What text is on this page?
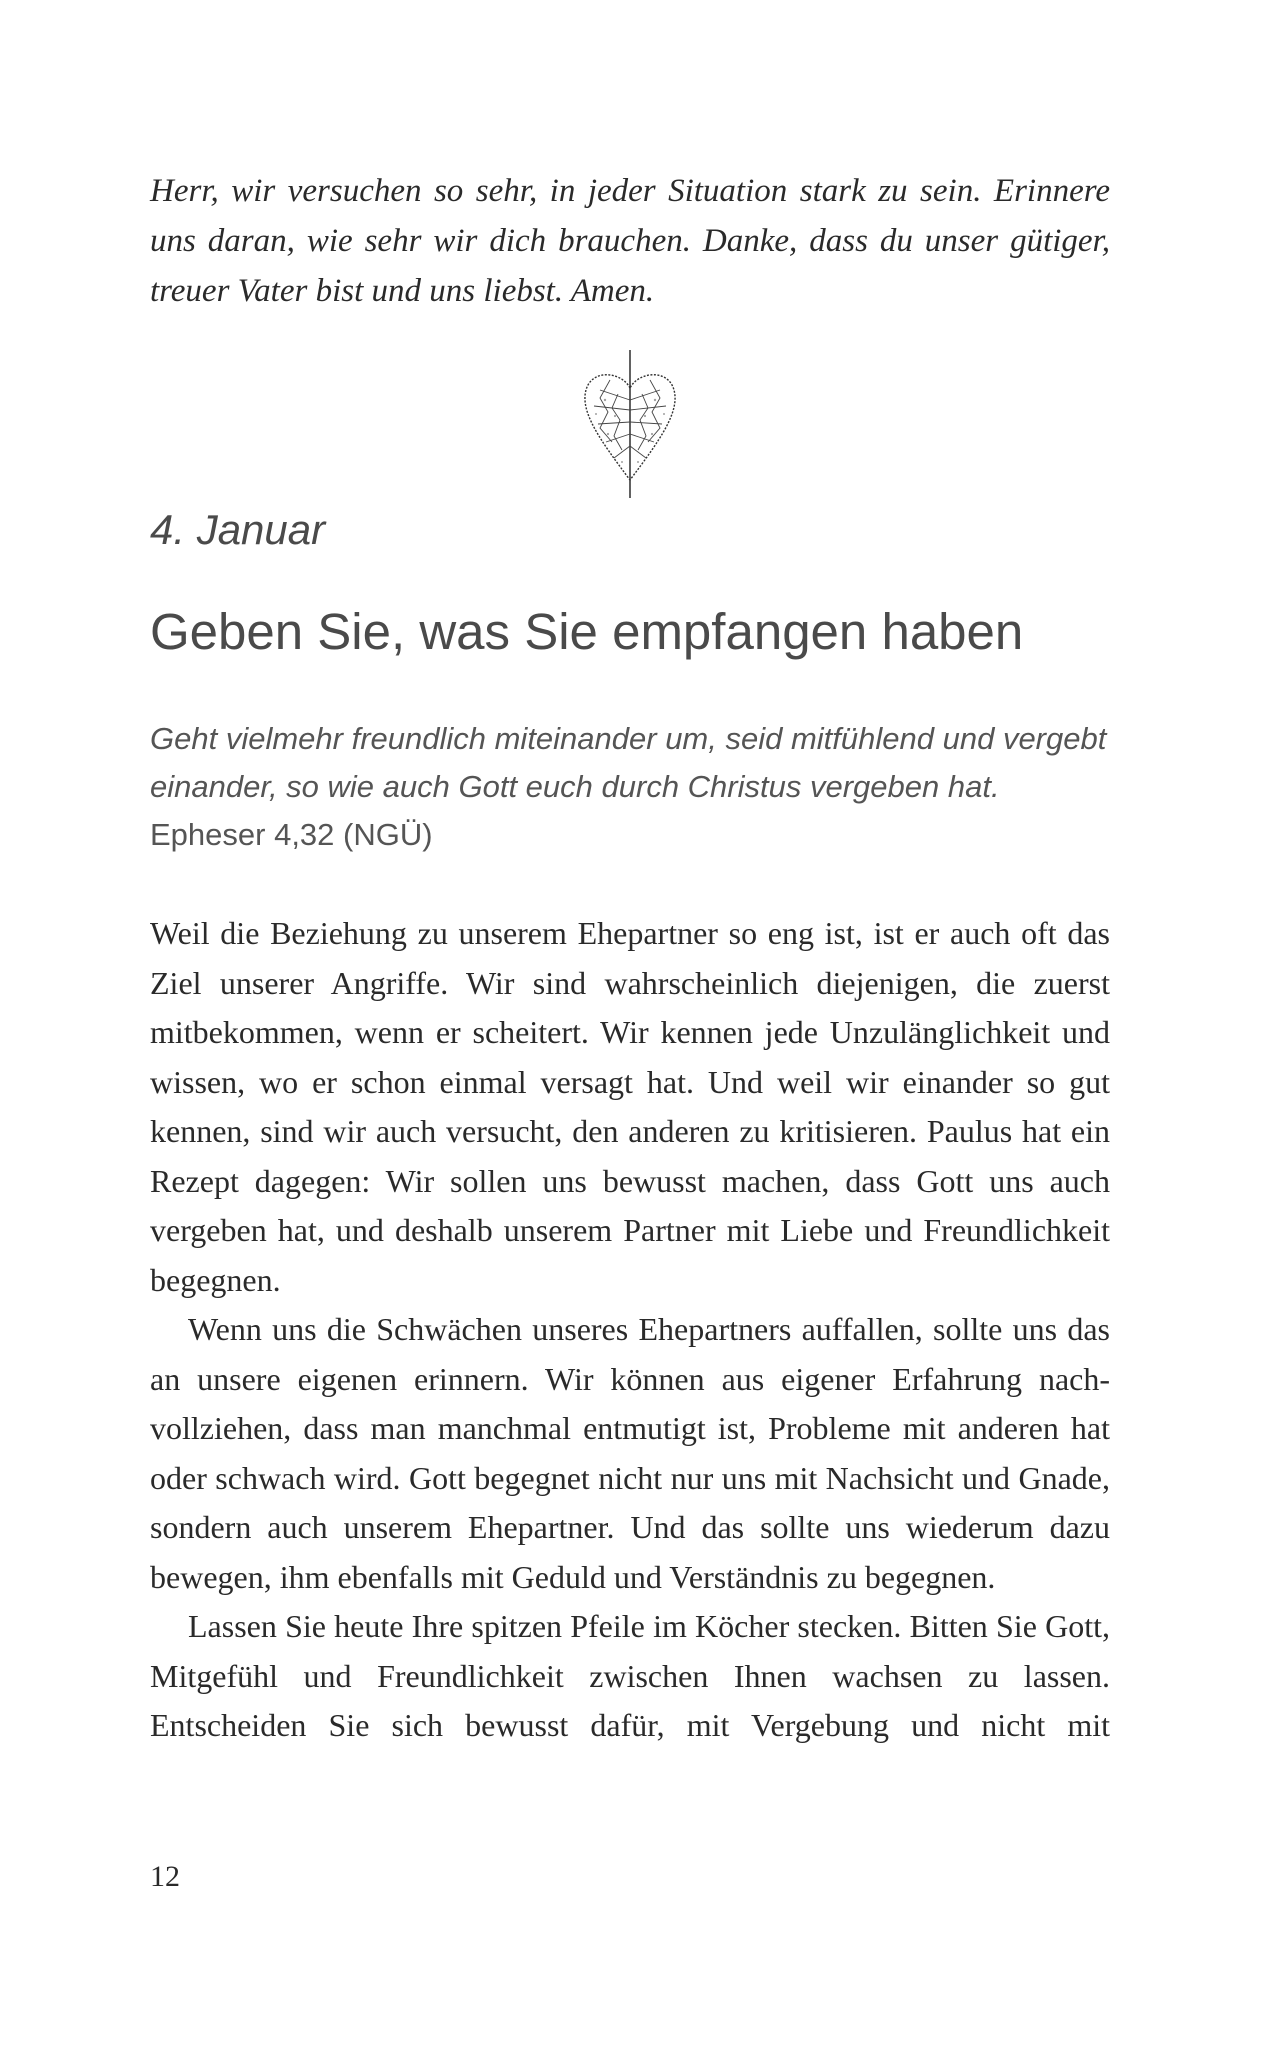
Herr, wir versuchen so sehr, in jeder Situation stark zu sein. Erinnere uns daran, wie sehr wir dich brauchen. Danke, dass du unser gütiger, treuer Vater bist und uns liebst. Amen.

4. Januar
Geben Sie, was Sie empfangen haben

Geht vielmehr freundlich miteinander um, seid mitfühlend und vergebt einander, so wie auch Gott euch durch Christus vergeben hat.

Epheser 4,32 (NGÜ)

Weil die Beziehung zu unserem Ehepartner so eng ist, ist er auch oft das Ziel unserer Angriffe. Wir sind wahrscheinlich diejenigen, die zuerst mitbekommen, wenn er scheitert. Wir kennen jede Unzulänglichkeit und wissen, wo er schon einmal versagt hat. Und weil wir einander so gut kennen, sind wir auch versucht, den anderen zu kritisieren. Paulus hat ein Rezept dagegen: Wir sollen uns bewusst machen, dass Gott uns auch vergeben hat, und deshalb unserem Partner mit Liebe und Freundlichkeit begegnen.

Wenn uns die Schwächen unseres Ehepartners auffallen, sollte uns das an unsere eigenen erinnern. Wir können aus eigener Erfahrung nachvollziehen, dass man manchmal entmutigt ist, Probleme mit anderen hat oder schwach wird. Gott begegnet nicht nur uns mit Nachsicht und Gnade, sondern auch unserem Ehepartner. Und das sollte uns wiederum dazu bewegen, ihm ebenfalls mit Geduld und Verständnis zu begegnen.

Lassen Sie heute Ihre spitzen Pfeile im Köcher stecken. Bitten Sie Gott, Mitgefühl und Freundlichkeit zwischen Ihnen wachsen zu lassen. Entscheiden Sie sich bewusst dafür, mit Vergebung und nicht mit

12
